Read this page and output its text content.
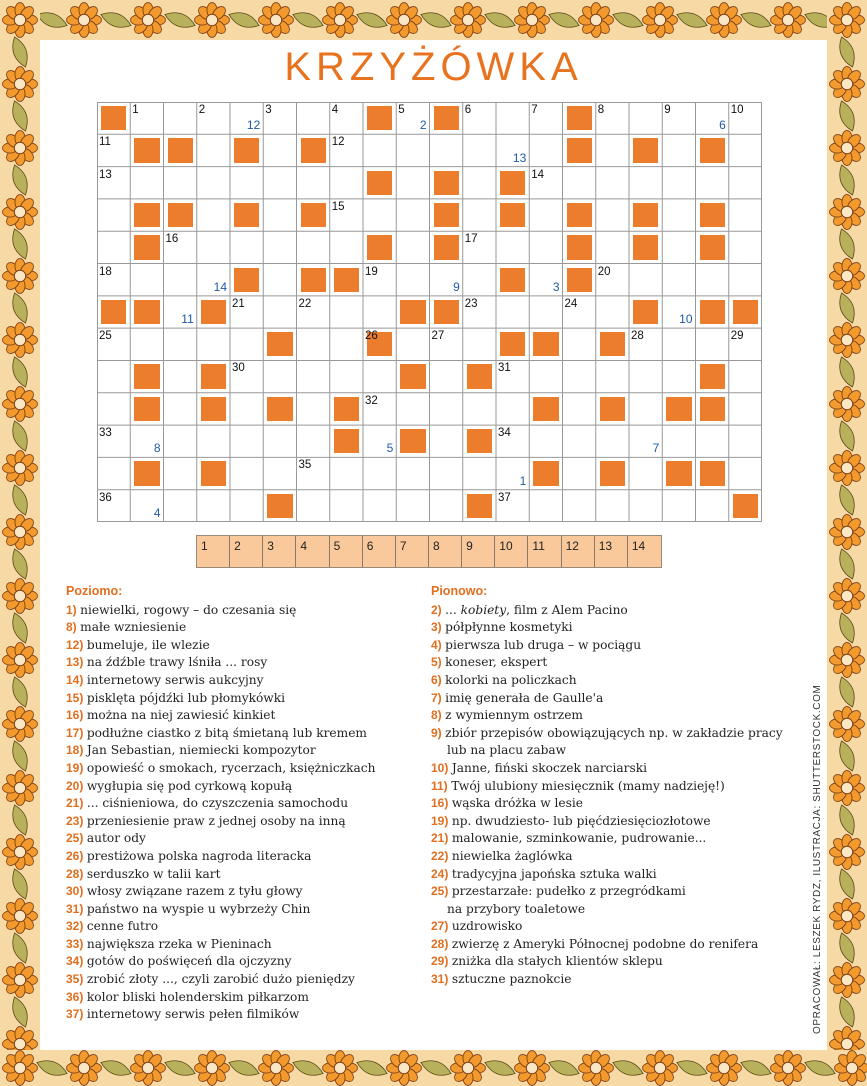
KRZYŻÓWKA
1	2	3	4	5	6	7	8	9	10
11	12
13	14
15
16	17
18	19	20
21	22	23	24
25	26	27	28	29
30	31
32
33	34
35
36	37
12	2	6
13
14	9	3
11	10
8	5	7
1
4
1	2	3	4	5	6	7	8	9	10	11	12	13	14
Poziomo:
1) niewielki, rogowy – do czesania się
8) małe wzniesienie
12) bumeluje, ile wlezie
13) na źdźble trawy lśniła ... rosy
14) internetowy serwis aukcyjny
15) pisklęta pójdźki lub płomykówki
16) można na niej zawiesić kinkiet
17) podłużne ciastko z bitą śmietaną lub kremem
18) Jan Sebastian, niemiecki kompozytor
19) opowieść o smokach, rycerzach, księżniczkach
20) wygłupia się pod cyrkową kopułą
21) ... ciśnieniowa, do czyszczenia samochodu
23) przeniesienie praw z jednej osoby na inną
25) autor ody
26) prestiżowa polska nagroda literacka
28) serduszko w talii kart
30) włosy związane razem z tyłu głowy
31) państwo na wyspie u wybrzeży Chin
32) cenne futro
33) największa rzeka w Pieninach
34) gotów do poświęceń dla ojczyzny
35) zrobić złoty ..., czyli zarobić dużo pieniędzy
36) kolor bliski holenderskim piłkarzom
37) internetowy serwis pełen filmików
Pionowo:
2) ... kobiety, film z Alem Pacino
3) półpłynne kosmetyki
4) pierwsza lub druga – w pociągu
5) koneser, ekspert
6) kolorki na policzkach
7) imię generała de Gaulle'a
8) z wymiennym ostrzem
9) zbiór przepisów obowiązujących np. w zakładzie pracy
lub na placu zabaw
10) Janne, fiński skoczek narciarski
11) Twój ulubiony miesięcznik (mamy nadzieję!)
16) wąska dróżka w lesie
19) np. dwudziesto- lub pięćdziesięciozłotowe
21) malowanie, szminkowanie, pudrowanie...
22) niewielka żaglówka
24) tradycyjna japońska sztuka walki
25) przestarzałe: pudełko z przegródkami
na przybory toaletowe
27) uzdrowisko
28) zwierzę z Ameryki Północnej podobne do renifera
29) zniżka dla stałych klientów sklepu
31) sztuczne paznokcie	OPRACOWAŁ: LESZEK RYDZ, ILUSTRACJA: SHUTTERSTOCK.COM
